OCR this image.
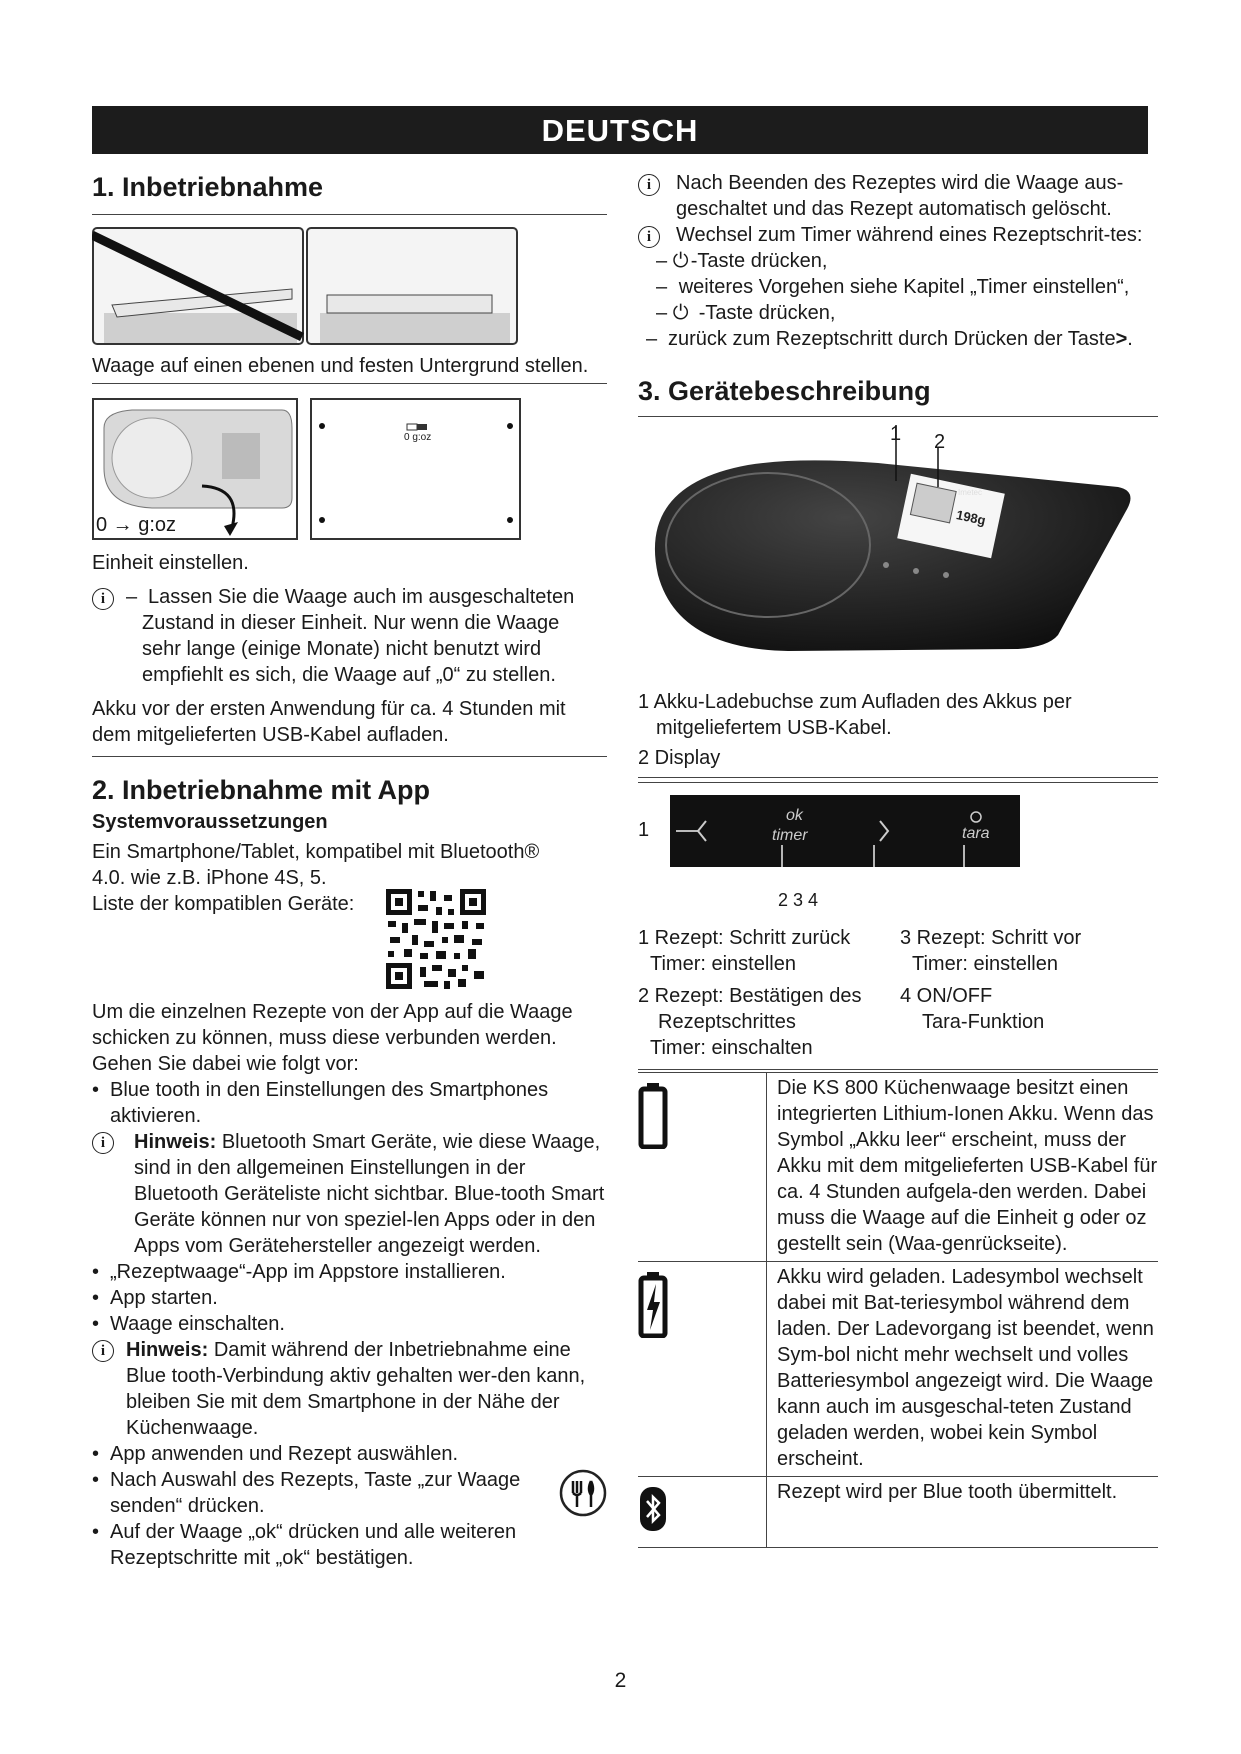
DEUTSCH
1. Inbetriebnahme

Waage auf einen ebenen und festen Untergrund stellen.

0 → g:oz
0 g:oz

Einheit einstellen.

i	– Lassen Sie die Waage auch im ausgeschalteten

Zustand in dieser Einheit. Nur wenn die Waage

sehr lange (einige Monate) nicht benutzt wird

empfiehlt es sich, die Waage auf „0“ zu stellen.

Akku vor der ersten Anwendung für ca. 4 Stunden mit dem mitgelieferten USB-Kabel aufladen.

2. Inbetriebnahme mit App

Systemvoraussetzungen

Ein Smartphone/Tablet, kompatibel mit Bluetooth®

4.0. wie z.B. iPhone 4S, 5.

Liste der kompatiblen Geräte:

Um die einzelnen Rezepte von der App auf die Waage schicken zu können, muss diese verbunden werden. Gehen Sie dabei wie folgt vor:

• Blue tooth in den Einstellungen des Smartphones aktivieren.
i	Hinweis: Bluetooth Smart Geräte, wie diese Waage, sind in den allgemeinen Einstellungen in der Bluetooth Geräteliste nicht sichtbar. Blue-tooth Smart Geräte können nur von speziel-len Apps oder in den Apps vom Gerätehersteller angezeigt werden.
• „Rezeptwaage“-App im Appstore installieren.
• App starten.
• Waage einschalten.
i	Hinweis: Damit während der Inbetriebnahme eine Blue tooth-Verbindung aktiv gehalten wer-den kann, bleiben Sie mit dem Smartphone in der Nähe der Küchenwaage.
• App anwenden und Rezept auswählen.
• Nach Auswahl des Rezepts, Taste „zur Waage senden“ drücken.
• Auf der Waage „ok“ drücken und alle weiteren Rezeptschritte mit „ok“ bestätigen.
i	Nach Beenden des Rezeptes wird die Waage aus-geschaltet und das Rezept automatisch gelöscht.
i	Wechsel zum Timer während eines Rezeptschrit-tes:
– ⏻ -Taste drücken,
– weiteres Vorgehen siehe Kapitel „Timer einstellen“,
– ⏻ -Taste drücken,
– zurück zum Rezeptschritt durch Drücken der Taste>.
3. Gerätebeschreibung
1 2
Imetec
198g

1 Akku-Ladebuchse zum Aufladen des Akkus per mitgeliefertem USB-Kabel.

2 Display

1
ok
timer	tara

2 3 4

1 Rezept: Schritt zurück
Timer: einstellen
3 Rezept: Schritt vor
Timer: einstellen
2 Rezept: Bestätigen des
Rezeptschrittes
Timer: einschalten
4 ON/OFF
Tara-Funktion
	Die KS 800 Küchenwaage besitzt einen integrierten Lithium-Ionen Akku. Wenn das Symbol „Akku leer“ erscheint, muss der Akku mit dem mitgelieferten USB-Kabel für ca. 4 Stunden aufgela-den werden. Dabei muss die Waage auf die Einheit g oder oz gestellt sein (Waa-genrückseite).
	Akku wird geladen. Ladesymbol wechselt dabei mit Bat-teriesymbol während dem laden. Der Ladevorgang ist beendet, wenn Sym-bol nicht mehr wechselt und volles Batteriesymbol angezeigt wird. Die Waage kann auch im ausgeschal-teten Zustand geladen werden, wobei kein Symbol erscheint.
	Rezept wird per Blue tooth übermittelt.
2
